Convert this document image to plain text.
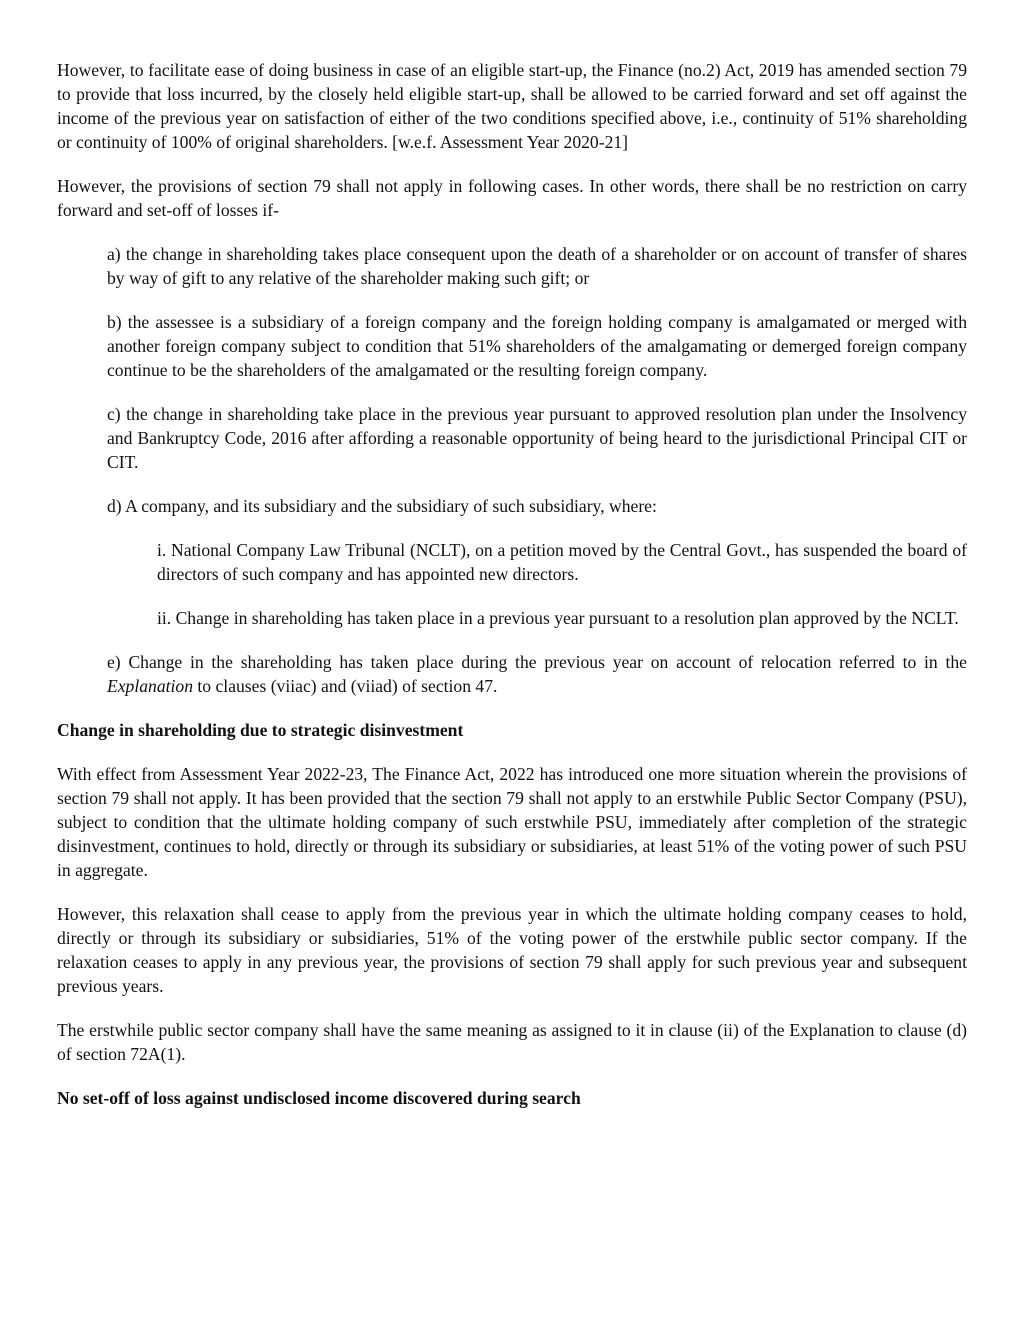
However, to facilitate ease of doing business in case of an eligible start-up, the Finance (no.2) Act, 2019 has amended section 79 to provide that loss incurred, by the closely held eligible start-up, shall be allowed to be carried forward and set off against the income of the previous year on satisfaction of either of the two conditions specified above, i.e., continuity of 51% shareholding or continuity of 100% of original shareholders. [w.e.f. Assessment Year 2020-21]

However, the provisions of section 79 shall not apply in following cases. In other words, there shall be no restriction on carry forward and set-off of losses if-

a) the change in shareholding takes place consequent upon the death of a shareholder or on account of transfer of shares by way of gift to any relative of the shareholder making such gift; or

b) the assessee is a subsidiary of a foreign company and the foreign holding company is amalgamated or merged with another foreign company subject to condition that 51% shareholders of the amalgamating or demerged foreign company continue to be the shareholders of the amalgamated or the resulting foreign company.

c) the change in shareholding take place in the previous year pursuant to approved resolution plan under the Insolvency and Bankruptcy Code, 2016 after affording a reasonable opportunity of being heard to the jurisdictional Principal CIT or CIT.

d) A company, and its subsidiary and the subsidiary of such subsidiary, where:

i. National Company Law Tribunal (NCLT), on a petition moved by the Central Govt., has suspended the board of directors of such company and has appointed new directors.

ii. Change in shareholding has taken place in a previous year pursuant to a resolution plan approved by the NCLT.

e) Change in the shareholding has taken place during the previous year on account of relocation referred to in the Explanation to clauses (viiac) and (viiad) of section 47.

Change in shareholding due to strategic disinvestment

With effect from Assessment Year 2022-23, The Finance Act, 2022 has introduced one more situation wherein the provisions of section 79 shall not apply. It has been provided that the section 79 shall not apply to an erstwhile Public Sector Company (PSU), subject to condition that the ultimate holding company of such erstwhile PSU, immediately after completion of the strategic disinvestment, continues to hold, directly or through its subsidiary or subsidiaries, at least 51% of the voting power of such PSU in aggregate.

However, this relaxation shall cease to apply from the previous year in which the ultimate holding company ceases to hold, directly or through its subsidiary or subsidiaries, 51% of the voting power of the erstwhile public sector company. If the relaxation ceases to apply in any previous year, the provisions of section 79 shall apply for such previous year and subsequent previous years.

The erstwhile public sector company shall have the same meaning as assigned to it in clause (ii) of the Explanation to clause (d) of section 72A(1).

No set-off of loss against undisclosed income discovered during search
